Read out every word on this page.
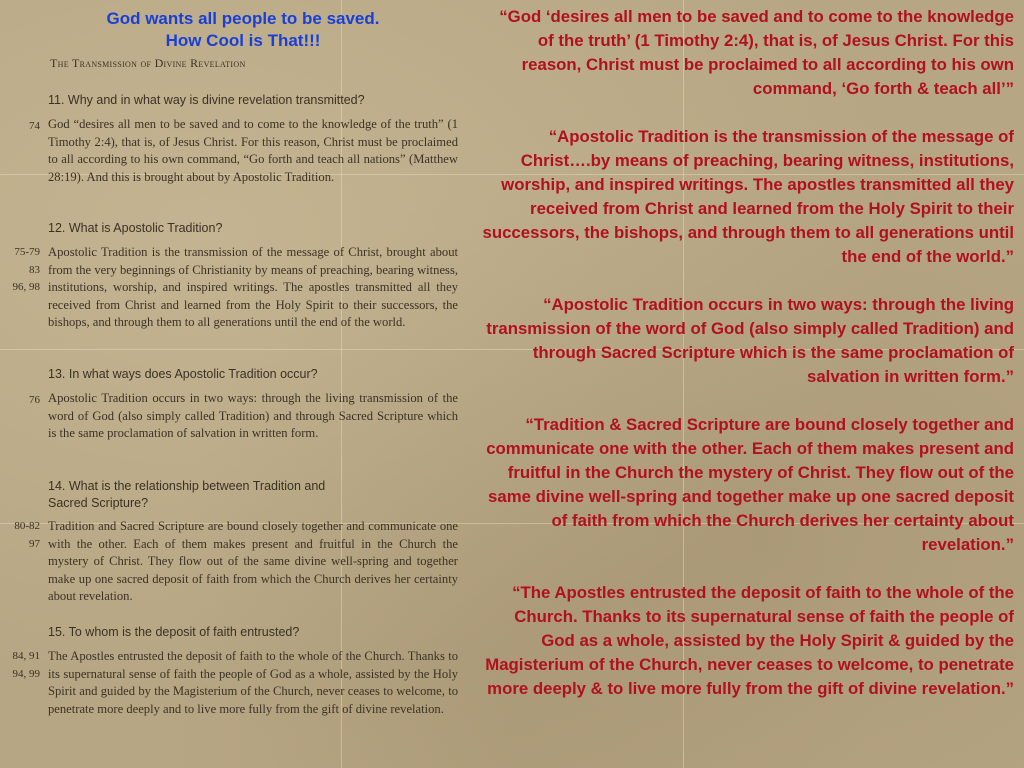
God wants all people to be saved.
How Cool is That!!!
The Transmission of Divine Revelation
11. Why and in what way is divine revelation transmitted?
74 God “desires all men to be saved and to come to the knowledge of the truth” (1 Timothy 2:4), that is, of Jesus Christ. For this reason, Christ must be proclaimed to all according to his own command, “Go forth and teach all nations” (Matthew 28:19). And this is brought about by Apostolic Tradition.
12. What is Apostolic Tradition?
75-79
83
96, 98
Apostolic Tradition is the transmission of the message of Christ, brought about from the very beginnings of Christianity by means of preaching, bearing witness, institutions, worship, and inspired writings. The apostles transmitted all they received from Christ and learned from the Holy Spirit to their successors, the bishops, and through them to all generations until the end of the world.
13. In what ways does Apostolic Tradition occur?
76 Apostolic Tradition occurs in two ways: through the living transmission of the word of God (also simply called Tradition) and through Sacred Scripture which is the same proclamation of salvation in written form.
14. What is the relationship between Tradition and Sacred Scripture?
80-82
97
Tradition and Sacred Scripture are bound closely together and communicate one with the other. Each of them makes present and fruitful in the Church the mystery of Christ. They flow out of the same divine well-spring and together make up one sacred deposit of faith from which the Church derives her certainty about revelation.
15. To whom is the deposit of faith entrusted?
84, 91
94, 99
The Apostles entrusted the deposit of faith to the whole of the Church. Thanks to its supernatural sense of faith the people of God as a whole, assisted by the Holy Spirit and guided by the Magisterium of the Church, never ceases to welcome, to penetrate more deeply and to live more fully from the gift of divine revelation.

“God ‘desires all men to be saved and to come to the knowledge of the truth’ (1 Timothy 2:4), that is, of Jesus Christ. For this reason, Christ must be proclaimed to all according to his own command, ‘Go forth & teach all’”

“Apostolic Tradition is the transmission of the message of Christ….by means of preaching, bearing witness, institutions, worship, and inspired writings. The apostles transmitted all they received from Christ and learned from the Holy Spirit to their successors, the bishops, and through them to all generations until the end of the world.”

“Apostolic Tradition occurs in two ways: through the living transmission of the word of God (also simply called Tradition) and through Sacred Scripture which is the same proclamation of salvation in written form.”

“Tradition & Sacred Scripture are bound closely together and communicate one with the other. Each of them makes present and fruitful in the Church the mystery of Christ. They flow out of the same divine well-spring and together make up one sacred deposit of faith from which the Church derives her certainty about revelation.”

“The Apostles entrusted the deposit of faith to the whole of the Church. Thanks to its supernatural sense of faith the people of God as a whole, assisted by the Holy Spirit & guided by the Magisterium of the Church, never ceases to welcome, to penetrate more deeply & to live more fully from the gift of divine revelation.”
